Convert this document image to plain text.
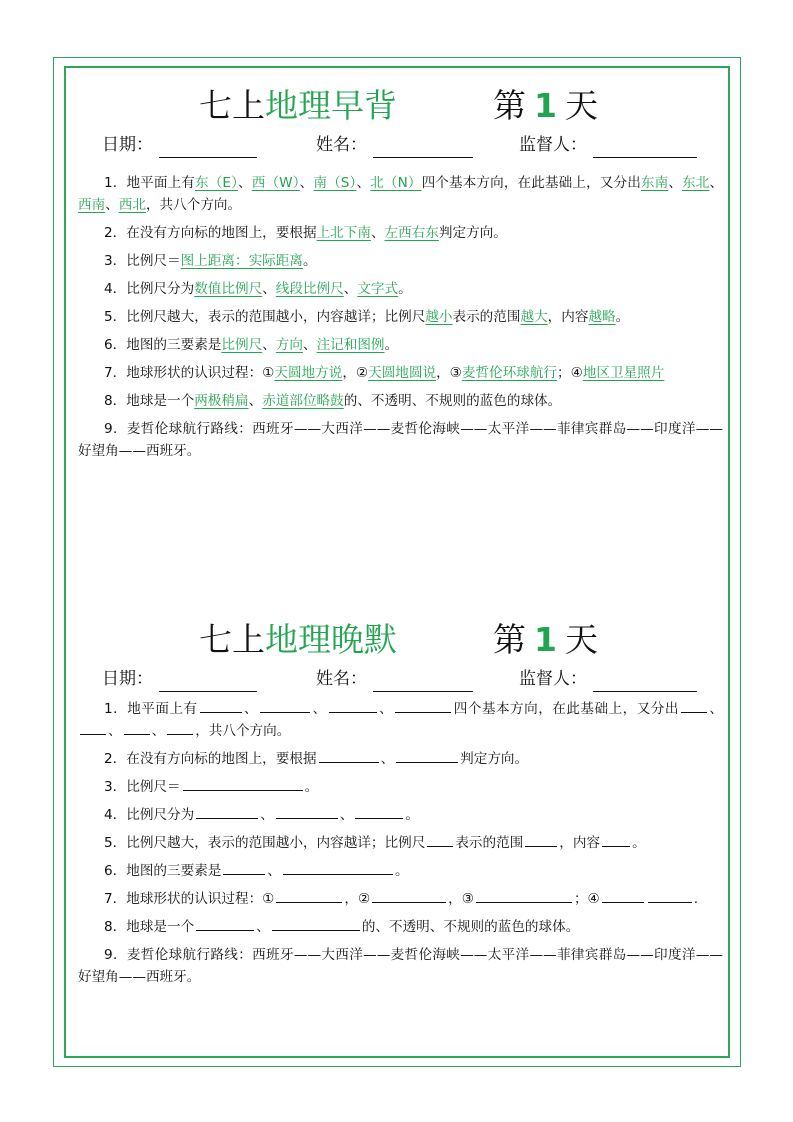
七上地理早背	第 1 天
日期：	姓名：	监督人：
1．地平面上有东（E）、西（W）、南（S）、北（N）四个基本方向，在此基础上，又分出东南、东北、西南、西北，共八个方向。
2．在没有方向标的地图上，要根据上北下南、左西右东判定方向。
3．比例尺＝图上距离：实际距离。
4．比例尺分为数值比例尺、线段比例尺、文字式。
5．比例尺越大，表示的范围越小，内容越详；比例尺越小表示的范围越大，内容越略。
6．地图的三要素是比例尺、方向、注记和图例。
7．地球形状的认识过程：①天圆地方说，②天圆地圆说，③麦哲伦环球航行；④地区卫星照片
8．地球是一个两极稍扁、赤道部位略鼓的、不透明、不规则的蓝色的球体。
9．麦哲伦球航行路线：西班牙——大西洋——麦哲伦海峡——太平洋——菲律宾群岛——印度洋——好望角——西班牙。
七上地理晚默	第 1 天
日期：	姓名：	监督人：
1．地平面上有	、	、	、	四个基本方向，在此基础上，又分出 、、 、 ，共八个方向。
2．在没有方向标的地图上，要根据	、	判定方向。
3．比例尺＝	。
4．比例尺分为	、	、	。
5．比例尺越大，表示的范围越小，内容越详；比例尺 表示的范围	，内容 。
6．地图的三要素是	、	。
7．地球形状的认识过程：①	，②	，③	；④	.
8．地球是一个	、	的、不透明、不规则的蓝色的球体。
9．麦哲伦球航行路线：西班牙——大西洋——麦哲伦海峡——太平洋——菲律宾群岛——印度洋——好望角——西班牙。
